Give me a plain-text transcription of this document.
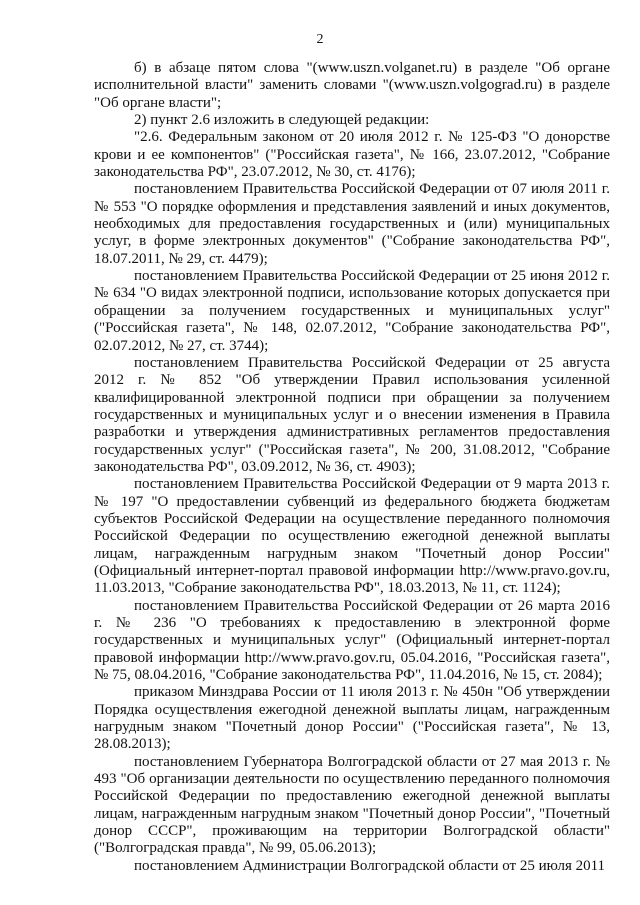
2

б) в абзаце пятом слова "(www.uszn.volganet.ru) в разделе "Об органе исполнительной власти" заменить словами "(www.uszn.volgograd.ru) в разделе "Об органе власти";

2) пункт 2.6 изложить в следующей редакции:

"2.6. Федеральным законом от 20 июля 2012 г. № 125-ФЗ "О донорстве крови и ее компонентов" ("Российская газета", № 166, 23.07.2012, "Собрание законодательства РФ", 23.07.2012, № 30, ст. 4176);

постановлением Правительства Российской Федерации от 07 июля 2011 г. № 553 "О порядке оформления и представления заявлений и иных документов, необходимых для предоставления государственных и (или) муниципальных услуг, в форме электронных документов" ("Собрание законодательства РФ", 18.07.2011, № 29, ст. 4479);

постановлением Правительства Российской Федерации от 25 июня 2012 г. № 634 "О видах электронной подписи, использование которых допускается при обращении за получением государственных и муниципальных услуг" ("Российская газета", № 148, 02.07.2012, "Собрание законодательства РФ", 02.07.2012, № 27, ст. 3744);

постановлением Правительства Российской Федерации от 25 августа 2012 г. № 852 "Об утверждении Правил использования усиленной квалифицированной электронной подписи при обращении за получением государственных и муниципальных услуг и о внесении изменения в Правила разработки и утверждения административных регламентов предоставления государственных услуг" ("Российская газета", № 200, 31.08.2012, "Собрание законодательства РФ", 03.09.2012, № 36, ст. 4903);

постановлением Правительства Российской Федерации от 9 марта 2013 г. № 197 "О предоставлении субвенций из федерального бюджета бюджетам субъектов Российской Федерации на осуществление переданного полномочия Российской Федерации по осуществлению ежегодной денежной выплаты лицам, награжденным нагрудным знаком "Почетный донор России" (Официальный интернет-портал правовой информации http://www.pravo.gov.ru, 11.03.2013, "Собрание законодательства РФ", 18.03.2013, № 11, ст. 1124);

постановлением Правительства Российской Федерации от 26 марта 2016 г. № 236 "О требованиях к предоставлению в электронной форме государственных и муниципальных услуг" (Официальный интернет-портал правовой информации http://www.pravo.gov.ru, 05.04.2016, "Российская газета", № 75, 08.04.2016, "Собрание законодательства РФ", 11.04.2016, № 15, ст. 2084);

приказом Минздрава России от 11 июля 2013 г. № 450н "Об утверждении Порядка осуществления ежегодной денежной выплаты лицам, награжденным нагрудным знаком "Почетный донор России" ("Российская газета", № 13, 28.08.2013);

постановлением Губернатора Волгоградской области от 27 мая 2013 г. № 493 "Об организации деятельности по осуществлению переданного полномочия Российской Федерации по предоставлению ежегодной денежной выплаты лицам, награжденным нагрудным знаком "Почетный донор России", "Почетный донор СССР", проживающим на территории Волгоградской области" ("Волгоградская правда", № 99, 05.06.2013);

постановлением Администрации Волгоградской области от 25 июля 2011
